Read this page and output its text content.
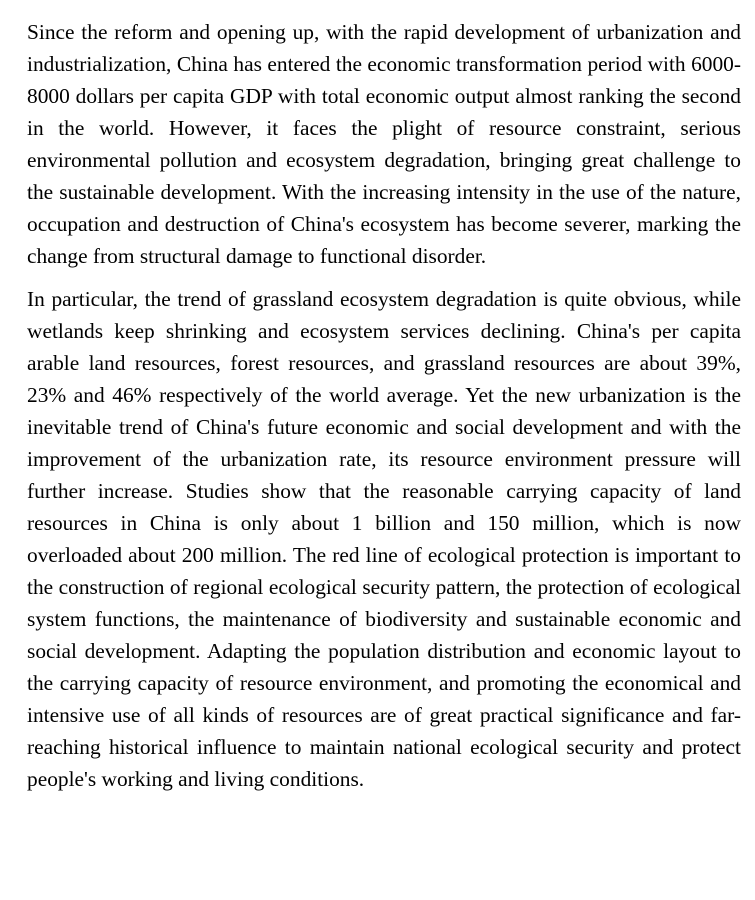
Since the reform and opening up, with the rapid development of urbanization and industrialization, China has entered the economic transformation period with 6000-8000 dollars per capita GDP with total economic output almost ranking the second in the world. However, it faces the plight of resource constraint, serious environmental pollution and ecosystem degradation, bringing great challenge to the sustainable development. With the increasing intensity in the use of the nature, occupation and destruction of China's ecosystem has become severer, marking the change from structural damage to functional disorder.

In particular, the trend of grassland ecosystem degradation is quite obvious, while wetlands keep shrinking and ecosystem services declining. China's per capita arable land resources, forest resources, and grassland resources are about 39%, 23% and 46% respectively of the world average. Yet the new urbanization is the inevitable trend of China's future economic and social development and with the improvement of the urbanization rate, its resource environment pressure will further increase. Studies show that the reasonable carrying capacity of land resources in China is only about 1 billion and 150 million, which is now overloaded about 200 million. The red line of ecological protection is important to the construction of regional ecological security pattern, the protection of ecological system functions, the maintenance of biodiversity and sustainable economic and social development. Adapting the population distribution and economic layout to the carrying capacity of resource environment, and promoting the economical and intensive use of all kinds of resources are of great practical significance and far-reaching historical influence to maintain national ecological security and protect people's working and living conditions.
